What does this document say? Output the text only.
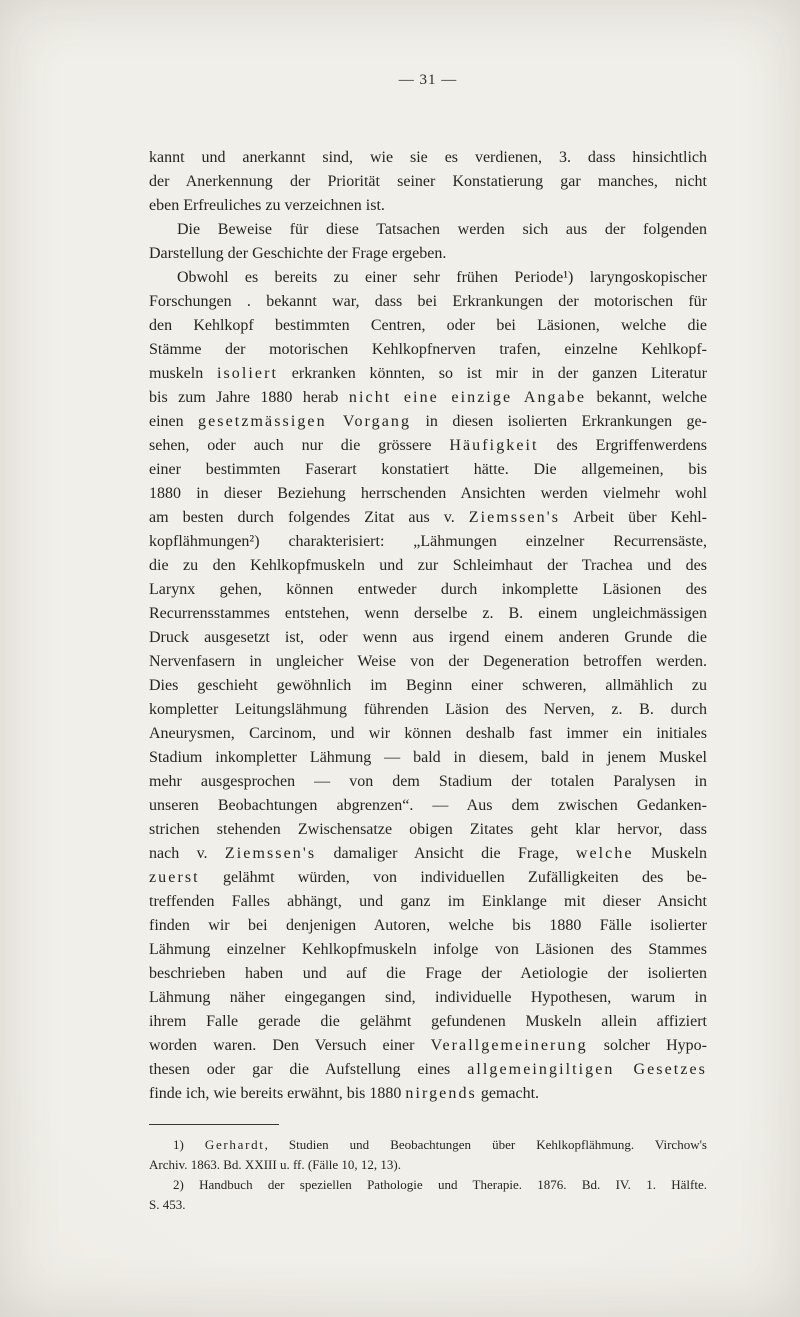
— 31 —
kannt und anerkannt sind, wie sie es verdienen, 3. dass hinsichtlich
der Anerkennung der Priorität seiner Konstatierung gar manches, nicht
eben Erfreuliches zu verzeichnen ist.
Die Beweise für diese Tatsachen werden sich aus der folgenden
Darstellung der Geschichte der Frage ergeben.
Obwohl es bereits zu einer sehr frühen Periode¹) laryngoskopischer
Forschungen . bekannt war, dass bei Erkrankungen der motorischen für
den Kehlkopf bestimmten Centren, oder bei Läsionen, welche die
Stämme der motorischen Kehlkopfnerven trafen, einzelne Kehlkopf-
muskeln isoliert erkranken könnten, so ist mir in der ganzen Literatur
bis zum Jahre 1880 herab nicht eine einzige Angabe bekannt, welche
einen gesetzmässigen Vorgang in diesen isolierten Erkrankungen ge-
sehen, oder auch nur die grössere Häufigkeit des Ergriffenwerdens
einer bestimmten Faserart konstatiert hätte. Die allgemeinen, bis
1880 in dieser Beziehung herrschenden Ansichten werden vielmehr wohl
am besten durch folgendes Zitat aus v. Ziemssen's Arbeit über Kehl-
kopflähmungen²) charakterisiert: „Lähmungen einzelner Recurrensäste,
die zu den Kehlkopfmuskeln und zur Schleimhaut der Trachea und des
Larynx gehen, können entweder durch inkomplette Läsionen des
Recurrensstammes entstehen, wenn derselbe z. B. einem ungleichmässigen
Druck ausgesetzt ist, oder wenn aus irgend einem anderen Grunde die
Nervenfasern in ungleicher Weise von der Degeneration betroffen werden.
Dies geschieht gewöhnlich im Beginn einer schweren, allmählich zu
kompletter Leitungslähmung führenden Läsion des Nerven, z. B. durch
Aneurysmen, Carcinom, und wir können deshalb fast immer ein initiales
Stadium inkompletter Lähmung — bald in diesem, bald in jenem Muskel
mehr ausgesprochen — von dem Stadium der totalen Paralysen in
unseren Beobachtungen abgrenzen“. — Aus dem zwischen Gedanken-
strichen stehenden Zwischensatze obigen Zitates geht klar hervor, dass
nach v. Ziemssen's damaliger Ansicht die Frage, welche Muskeln
zuerst gelähmt würden, von individuellen Zufälligkeiten des be-
treffenden Falles abhängt, und ganz im Einklange mit dieser Ansicht
finden wir bei denjenigen Autoren, welche bis 1880 Fälle isolierter
Lähmung einzelner Kehlkopfmuskeln infolge von Läsionen des Stammes
beschrieben haben und auf die Frage der Aetiologie der isolierten
Lähmung näher eingegangen sind, individuelle Hypothesen, warum in
ihrem Falle gerade die gelähmt gefundenen Muskeln allein affiziert
worden waren. Den Versuch einer Verallgemeinerung solcher Hypo-
thesen oder gar die Aufstellung eines allgemeingiltigen Gesetzes
finde ich, wie bereits erwähnt, bis 1880 nirgends gemacht.
1) Gerhardt, Studien und Beobachtungen über Kehlkopflähmung. Virchow's
Archiv. 1863. Bd. XXIII u. ff. (Fälle 10, 12, 13).
2) Handbuch der speziellen Pathologie und Therapie. 1876. Bd. IV. 1. Hälfte.
S. 453.
